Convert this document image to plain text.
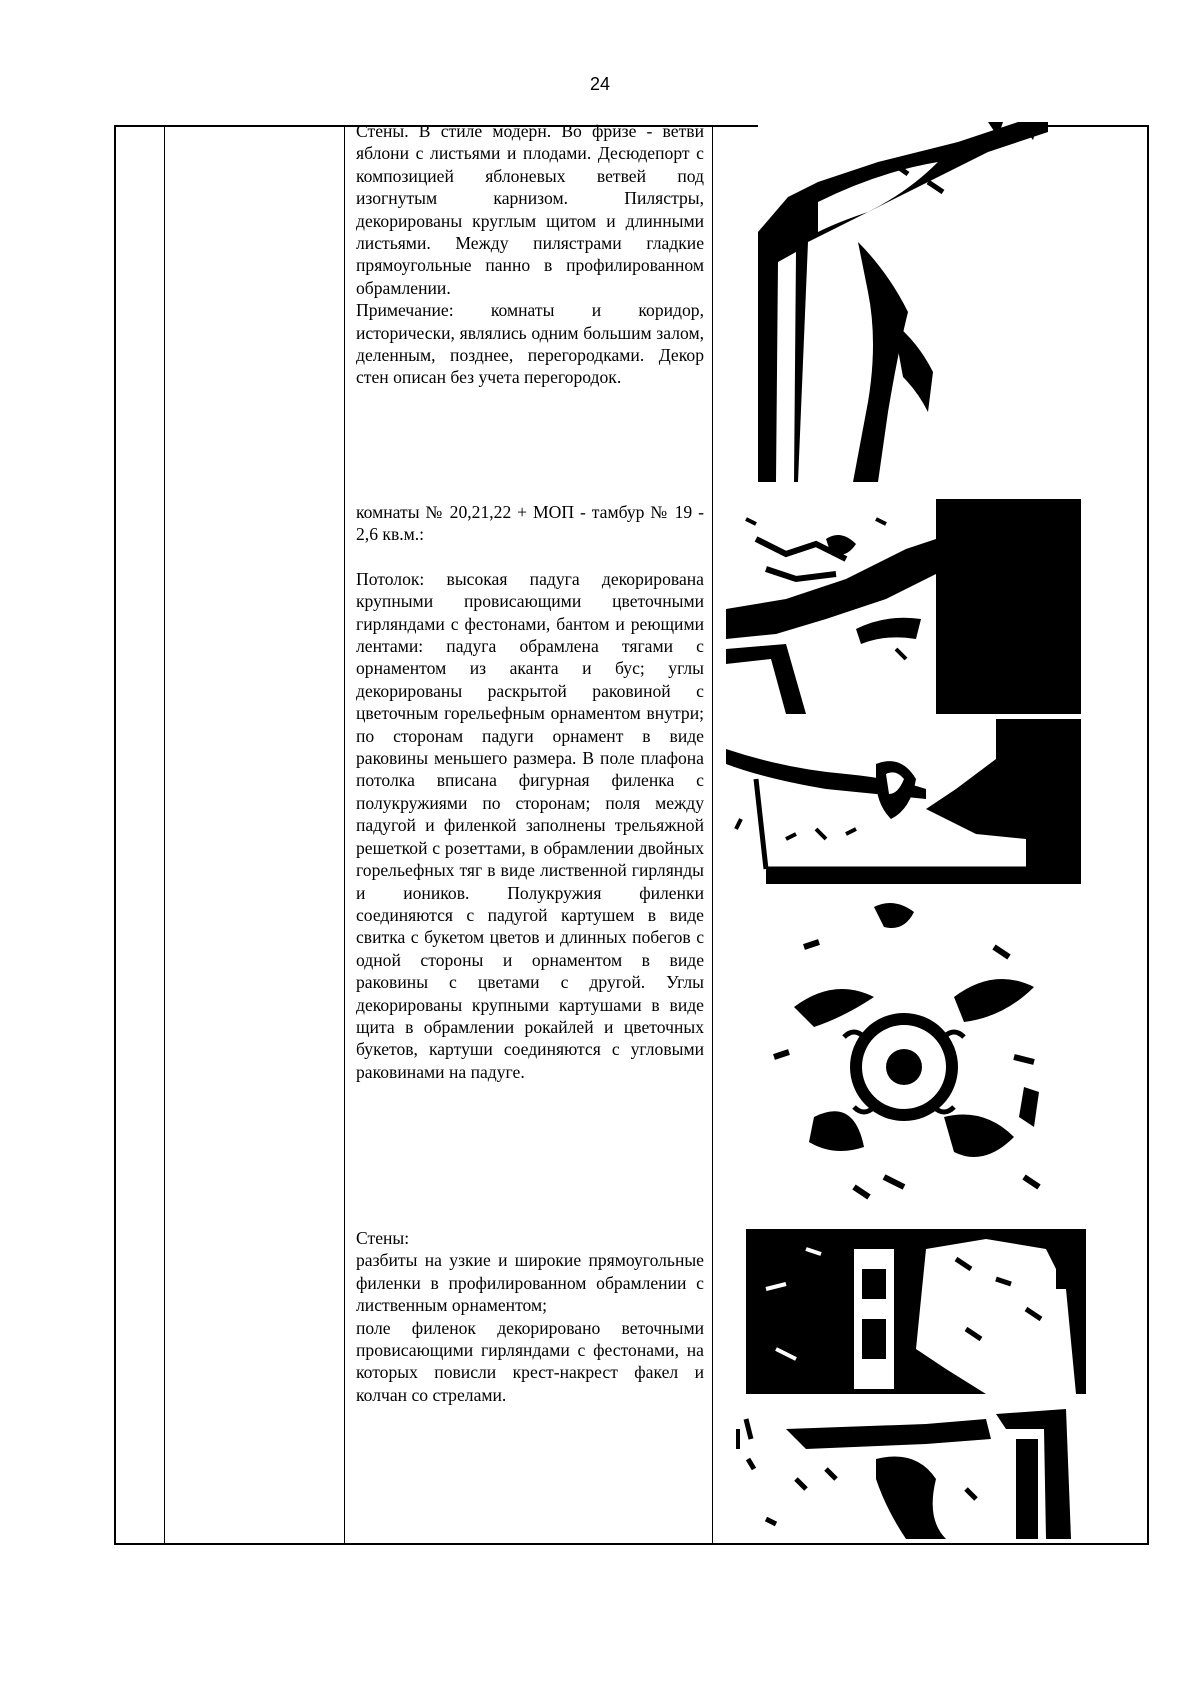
24

Стены. В стиле модерн. Во фризе - ветви яблони с листьями и плодами. Десюдепорт с композицией яблоневых ветвей под изогнутым карнизом. Пилястры, декорированы круглым щитом и длинными листьями. Между пилястрами гладкие прямоугольные панно в профилированном обрамлении.

Примечание: комнаты и коридор, исторически, являлись одним большим залом, деленным, позднее, перегородками. Декор стен описан без учета перегородок.

комнаты № 20,21,22 + МОП - тамбур № 19 - 2,6 кв.м.:

Потолок: высокая падуга декорирована крупными провисающими цветочными гирляндами с фестонами, бантом и реющими лентами: падуга обрамлена тягами с орнаментом из аканта и бус; углы декорированы раскрытой раковиной с цветочным горельефным орнаментом внутри; по сторонам падуги орнамент в виде раковины меньшего размера. В поле плафона потолка вписана фигурная филенка с полукружиями по сторонам; поля между падугой и филенкой заполнены трельяжной решеткой с розеттами, в обрамлении двойных горельефных тяг в виде лиственной гирлянды и иоников. Полукружия филенки соединяются с падугой картушем в виде свитка с букетом цветов и длинных побегов с одной стороны и орнаментом в виде раковины с цветами с другой. Углы декорированы крупными картушами в виде щита в обрамлении рокайлей и цветочных букетов, картуши соединяются с угловыми раковинами на падуге.

Стены:

разбиты на узкие и широкие прямоугольные филенки в профилированном обрамлении с лиственным орнаментом;

поле филенок декорировано веточными провисающими гирляндами с фестонами, на которых повисли крест-накрест факел и колчан со стрелами.
